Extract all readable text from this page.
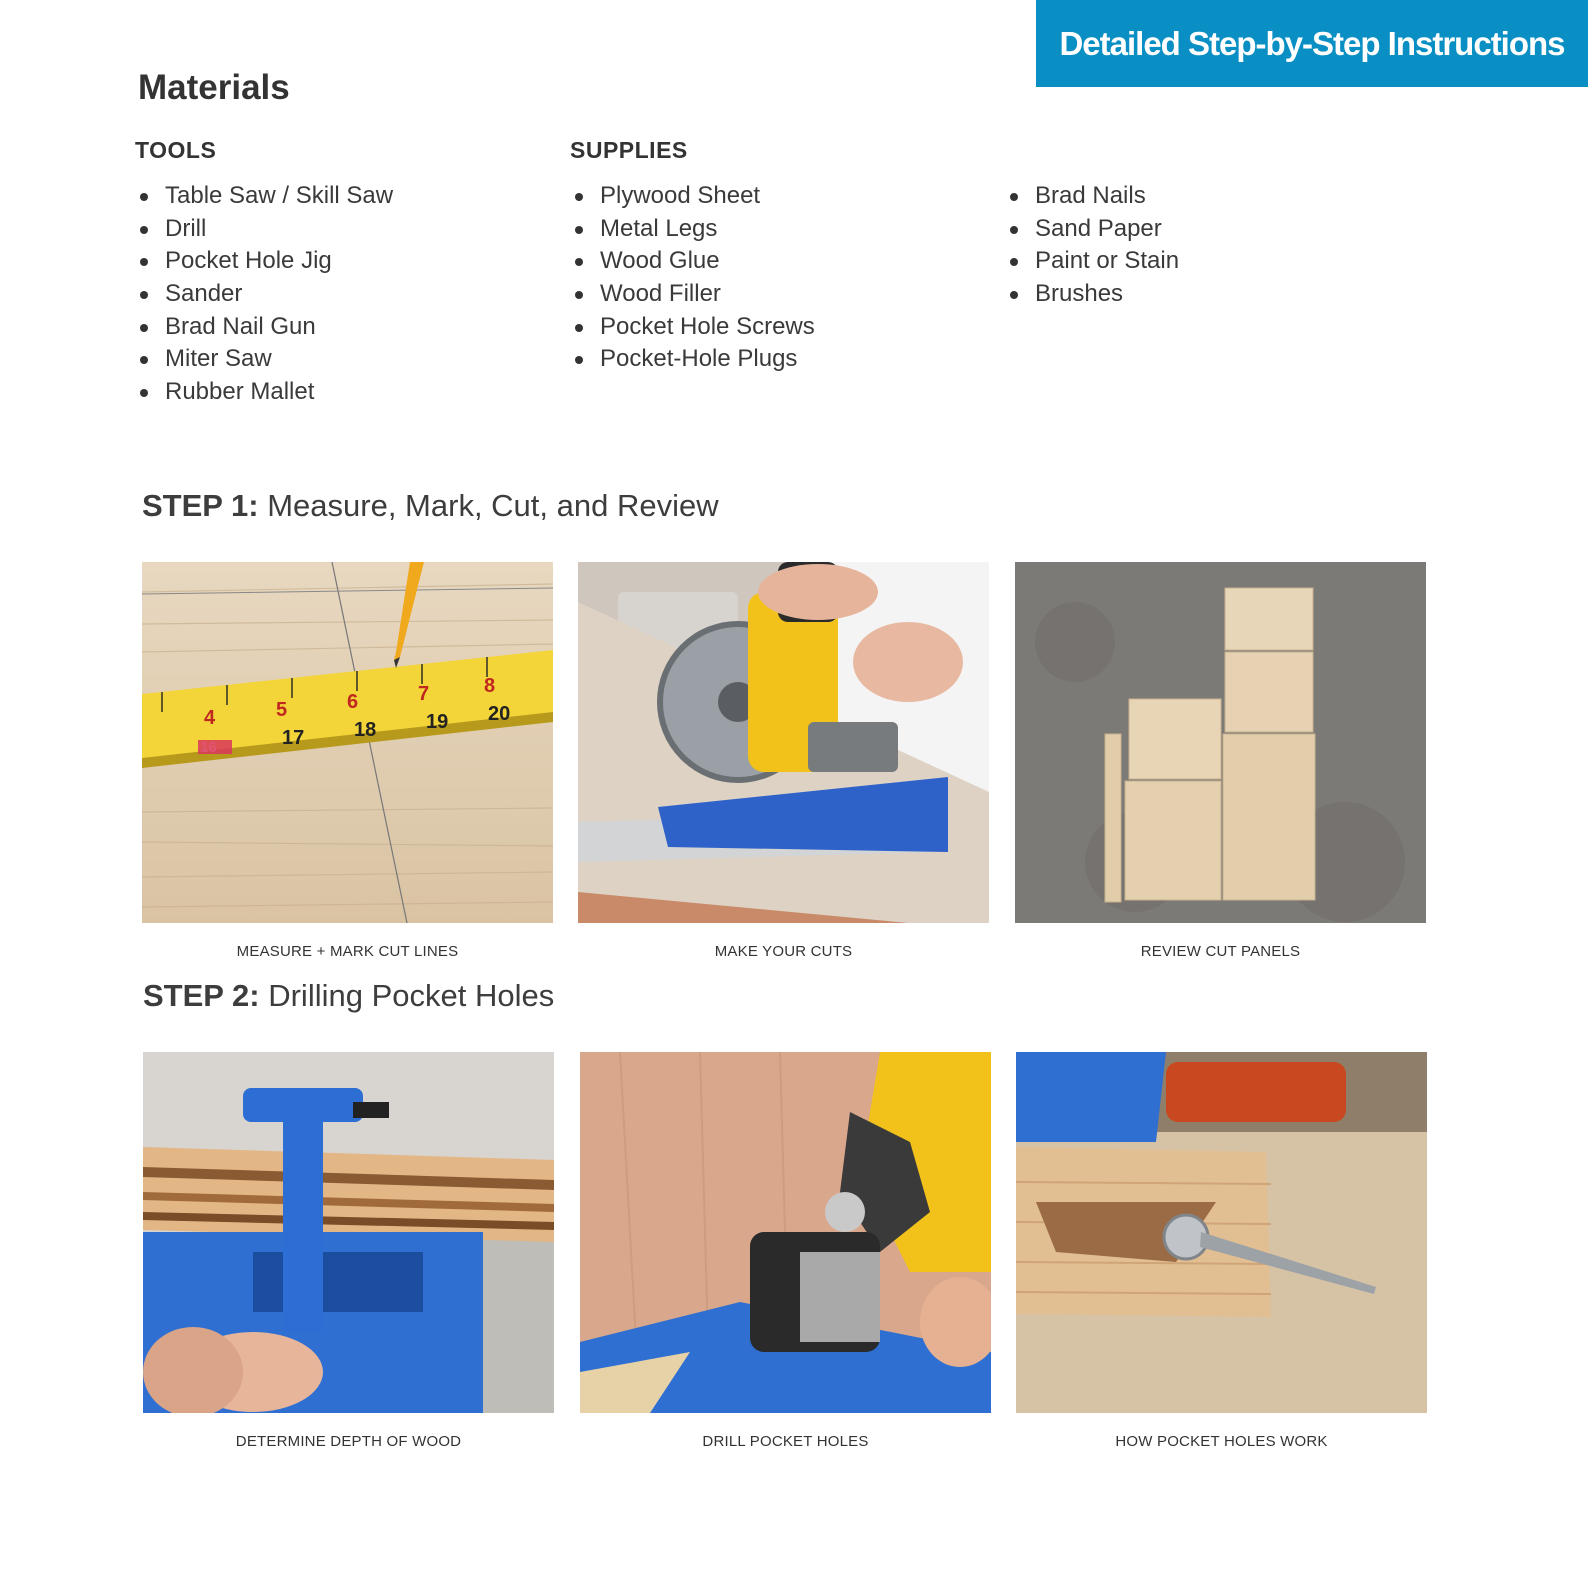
Detailed Step-by-Step Instructions
Materials
TOOLS	SUPPLIES
Table Saw / Skill Saw
Drill
Pocket Hole Jig
Sander
Brad Nail Gun
Miter Saw
Rubber Mallet
Plywood Sheet
Metal Legs
Wood Glue
Wood Filler
Pocket Hole Screws
Pocket-Hole Plugs
Brad Nails
Sand Paper
Paint or Stain
Brushes
STEP 1: Measure, Mark, Cut, and Review
4	5	6	7	8
17 18 19 20
MEASURE + MARK CUT LINES	MAKE YOUR CUTS	REVIEW CUT PANELS
STEP 2: Drilling Pocket Holes
DETERMINE DEPTH OF WOOD	DRILL POCKET HOLES	HOW POCKET HOLES WORK
